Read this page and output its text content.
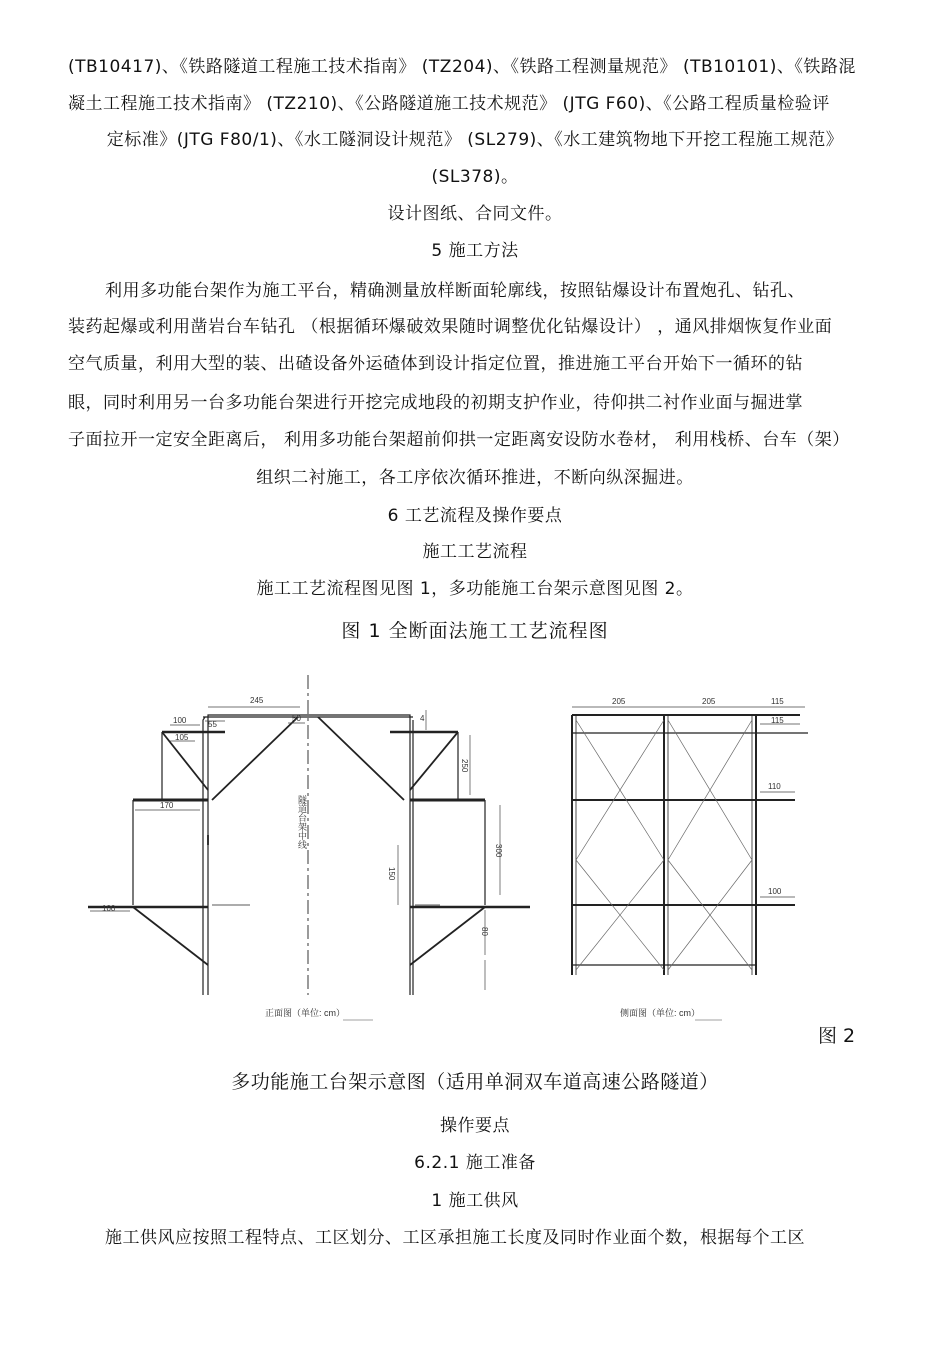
(TB10417)、《铁路隧道工程施工技术指南》 (TZ204)、《铁路工程测量规范》 (TB10101)、《铁路混
凝土工程施工技术指南》 (TZ210)、《公路隧道施工技术规范》 (JTG F60)、《公路工程质量检验评
定标准》(JTG F80/1)、《水工隧洞设计规范》 (SL279)、《水工建筑物地下开挖工程施工规范》
(SL378)。
设计图纸、合同文件。
5 施工方法
利用多功能台架作为施工平台，精确测量放样断面轮廓线，按照钻爆设计布置炮孔、钻孔、
装药起爆或利用凿岩台车钻孔 （根据循环爆破效果随时调整优化钻爆设计） ，通风排烟恢复作业面
空气质量，利用大型的装、出碴设备外运碴体到设计指定位置，推进施工平台开始下一循环的钻
眼，同时利用另一台多功能台架进行开挖完成地段的初期支护作业，待仰拱二衬作业面与掘进掌
子面拉开一定安全距离后， 利用多功能台架超前仰拱一定距离安设防水卷材， 利用栈桥、台车（架）
组织二衬施工，各工序依次循环推进，不断向纵深掘进。
6 工艺流程及操作要点
施工工艺流程
施工工艺流程图见图 1，多功能施工台架示意图见图 2。
图 1 全断面法施工工艺流程图
245
100	55
50
105
170
100
4
250
300
150
80
隧道台架中线
正面图（单位: cm）
205	205	115
115
110
100
侧面图（单位: cm）
图 2
多功能施工台架示意图（适用单洞双车道高速公路隧道）
操作要点
6.2.1 施工准备
1 施工供风
施工供风应按照工程特点、工区划分、工区承担施工长度及同时作业面个数，根据每个工区
